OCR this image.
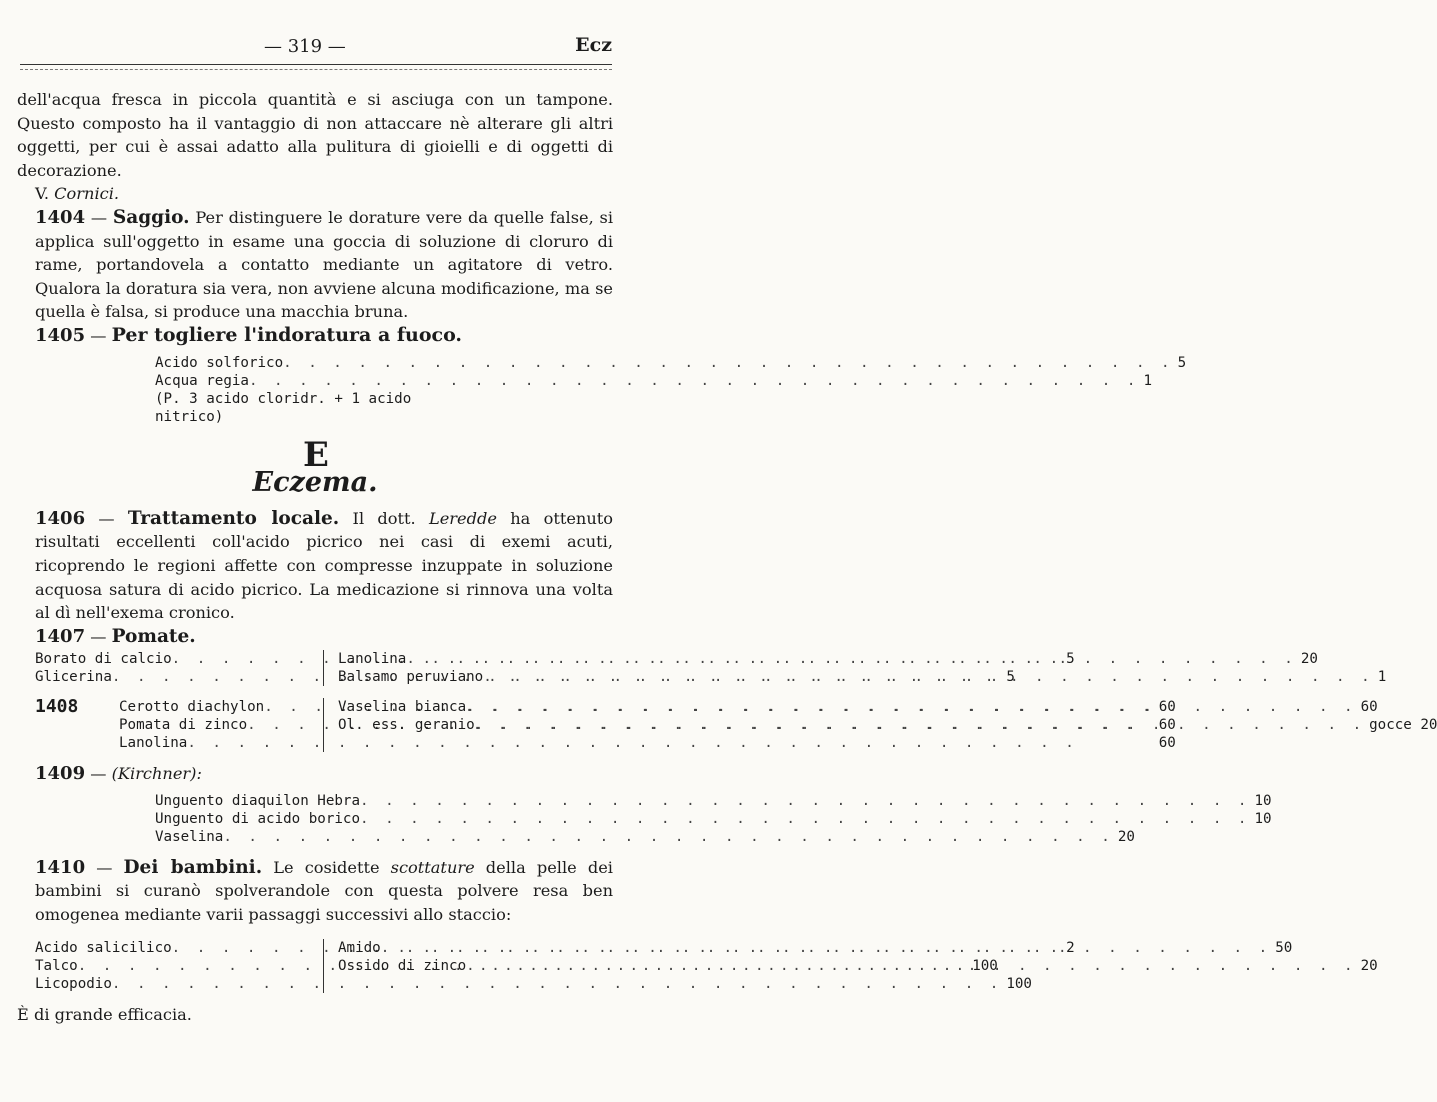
— 319 —	Ecz

dell'acqua fresca in piccola quantità e si asciuga con un tampone. Questo composto ha il vantaggio di non attaccare nè alterare gli altri oggetti, per cui è assai adatto alla pulitura di gioielli e di oggetti di decorazione.

V. Cornici.

1404 — Saggio. Per distinguere le dorature vere da quelle false, si applica sull'oggetto in esame una goccia di soluzione di cloruro di rame, portandovela a contatto mediante un agitatore di vetro. Qualora la doratura sia vera, non avviene alcuna modificazione, ma se quella è falsa, si produce una macchia bruna.

1405 — Per togliere l'indoratura a fuoco.

Acido solforico . . .	5
Acqua regia . . .	1
(P. 3 acido cloridr. + 1 acido nitrico)
E
Eczema.

1406 — Trattamento locale. Il dott. Leredde ha ottenuto risultati eccellenti coll'acido picrico nei casi di exemi acuti, ricoprendo le regioni affette con compresse inzuppate in soluzione acquosa satura di acido picrico. La medicazione si rinnova una volta al dì nell'exema cronico.

1407 — Pomate.

Borato di calcio . . .	5
Glicerina . . .	5
Lanolina . . .	20
Balsamo peruviano . . .	1
1408	Cerotto diachylon . . .	60
Pomata di zinco . . .	60
Lanolina . . .	60
Vaselina bianca . . .	60
Ol. ess. geranio . . .	gocce 20

1409 — (Kirchner):

Unguento diaquilon Hebra . . .	10
Unguento di acido borico . . .	10
Vaselina . . .	20

1410 — Dei bambini. Le cosidette scottature della pelle dei bambini si curanò spolverandole con questa polvere resa ben omogenea mediante varii passaggi successivi allo staccio:

Acido salicilico . . .	2
Talco . . .	100
Licopodio . . .	100
Amido . . .	50
Ossido di zinco . . .	20

È di grande efficacia.
